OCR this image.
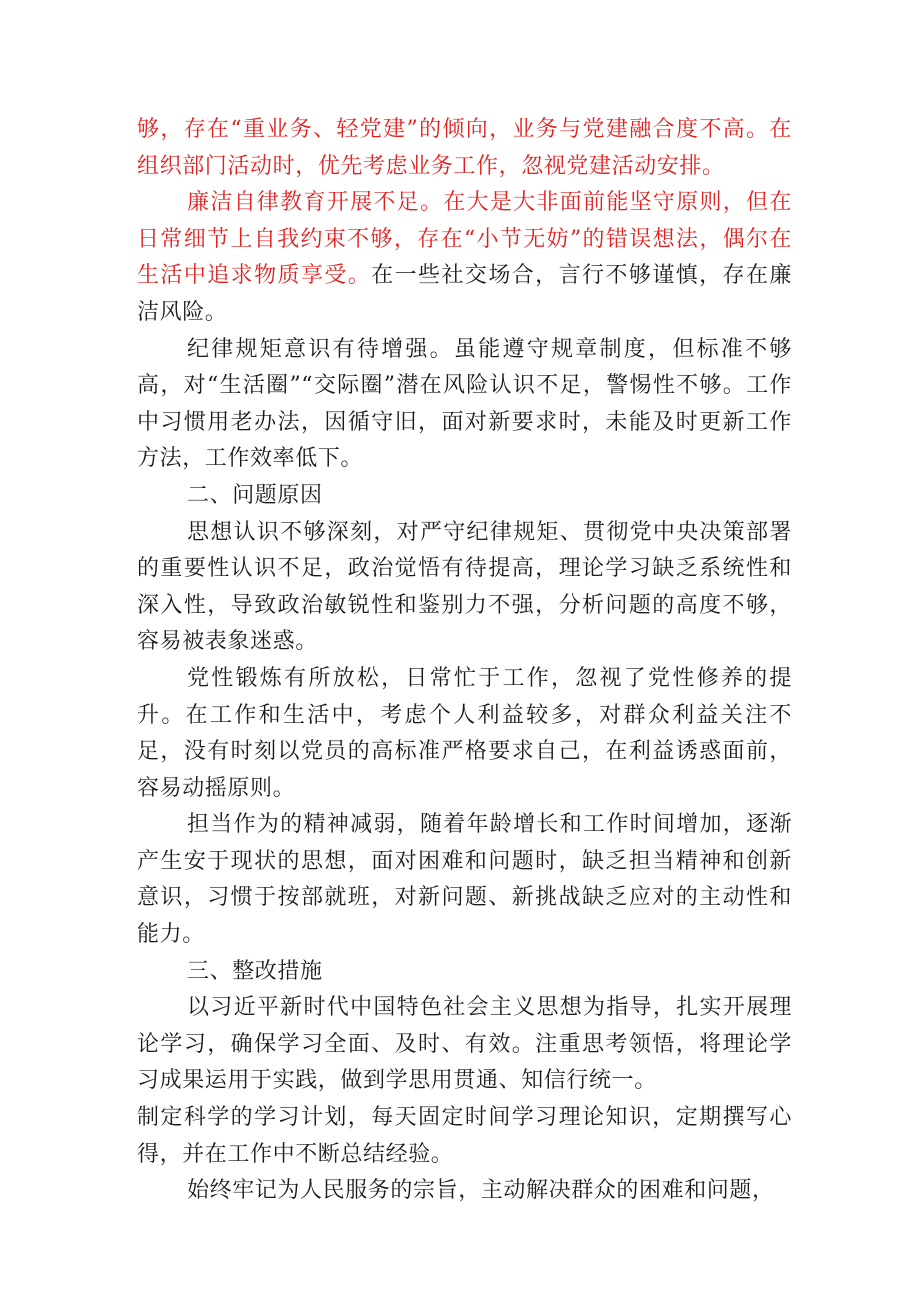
够，存在“重业务、轻党建”的倾向，业务与党建融合度不高。在组织部门活动时，优先考虑业务工作，忽视党建活动安排。

廉洁自律教育开展不足。在大是大非面前能坚守原则，但在日常细节上自我约束不够，存在“小节无妨”的错误想法，偶尔在生活中追求物质享受。在一些社交场合，言行不够谨慎，存在廉洁风险。

纪律规矩意识有待增强。虽能遵守规章制度，但标准不够高，对“生活圈”“交际圈”潜在风险认识不足，警惕性不够。工作中习惯用老办法，因循守旧，面对新要求时，未能及时更新工作方法，工作效率低下。

二、问题原因

思想认识不够深刻，对严守纪律规矩、贯彻党中央决策部署的重要性认识不足，政治觉悟有待提高，理论学习缺乏系统性和深入性，导致政治敏锐性和鉴别力不强，分析问题的高度不够，容易被表象迷惑。

党性锻炼有所放松，日常忙于工作，忽视了党性修养的提升。在工作和生活中，考虑个人利益较多，对群众利益关注不足，没有时刻以党员的高标准严格要求自己，在利益诱惑面前，容易动摇原则。

担当作为的精神减弱，随着年龄增长和工作时间增加，逐渐产生安于现状的思想，面对困难和问题时，缺乏担当精神和创新意识，习惯于按部就班，对新问题、新挑战缺乏应对的主动性和能力。

三、整改措施

以习近平新时代中国特色社会主义思想为指导，扎实开展理论学习，确保学习全面、及时、有效。注重思考领悟，将理论学习成果运用于实践，做到学思用贯通、知信行统一。

制定科学的学习计划，每天固定时间学习理论知识，定期撰写心得，并在工作中不断总结经验。

始终牢记为人民服务的宗旨，主动解决群众的困难和问题，
